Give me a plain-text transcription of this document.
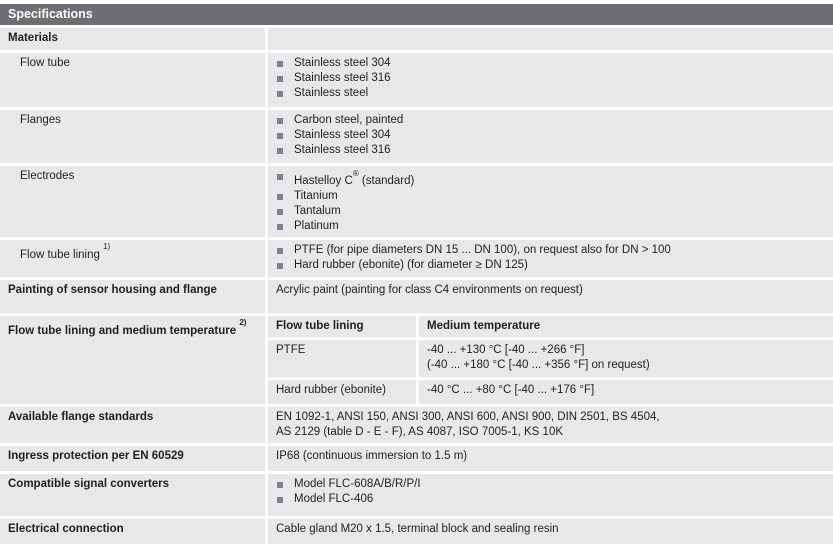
Specifications
Materials
Flow tube	Stainless steel 304
Stainless steel 316
Stainless steel
Flanges	Carbon steel, painted
Stainless steel 304
Stainless steel 316
Electrodes	Hastelloy C® (standard)
Titanium
Tantalum
Platinum
Flow tube lining $^{1)}$	PTFE (for pipe diameters DN 15 ... DN 100), on request also for DN > 100
Hard rubber (ebonite) (for diameter ≥ DN 125)
Painting of sensor housing and flange	Acrylic paint (painting for class C4 environments on request)
Flow tube lining and medium temperature $^{2)}$	Flow tube lining	Medium temperature
PTFE	-40 ... +130 °C [-40 ... +266 °F]
(-40 ... +180 °C [-40 ... +356 °F] on request)
Hard rubber (ebonite)	-40 °C ... +80 °C [-40 ... +176 °F]
Available flange standards	EN 1092-1, ANSI 150, ANSI 300, ANSI 600, ANSI 900, DIN 2501, BS 4504,
AS 2129 (table D - E - F), AS 4087, ISO 7005-1, KS 10K
Ingress protection per EN 60529	IP68 (continuous immersion to 1.5 m)
Compatible signal converters	Model FLC-608A/B/R/P/I
Model FLC-406
Electrical connection	Cable gland M20 x 1.5, terminal block and sealing resin
